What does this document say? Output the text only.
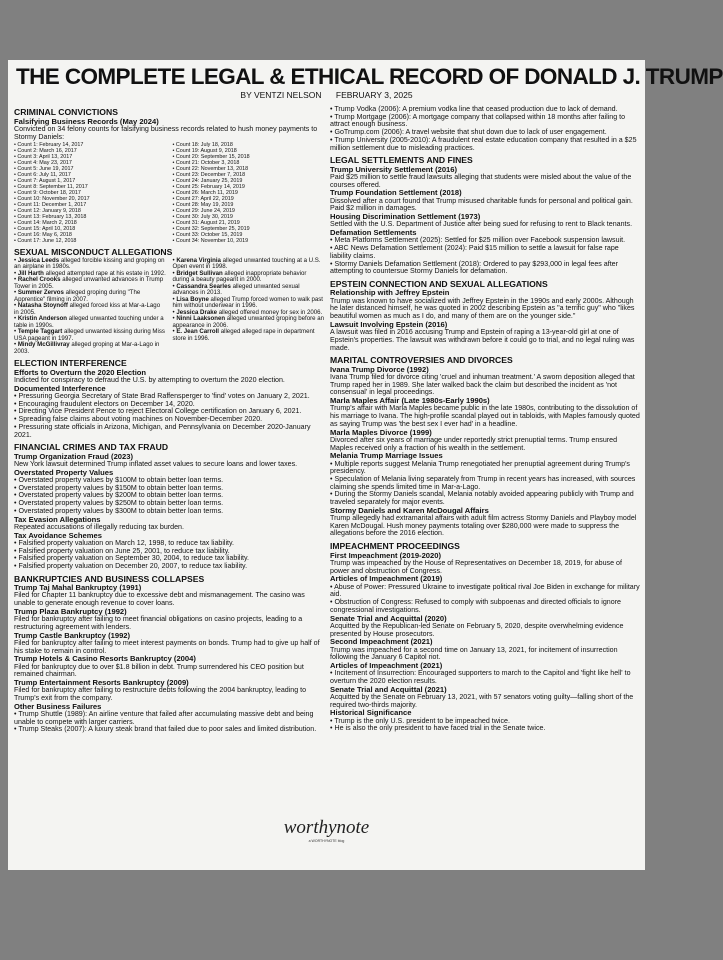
THE COMPLETE LEGAL & ETHICAL RECORD OF DONALD J. TRUMP
BY VENTZI NELSON FEBRUARY 3, 2025
CRIMINAL CONVICTIONS
Falsifying Business Records (May 2024)
Convicted on 34 felony counts for falsifying business records related to hush money payments to Stormy Daniels:
• Count 1: February 14, 2017
• Count 2: March 16, 2017
• Count 3: April 13, 2017
• Count 4: May 23, 2017
• Count 5: June 19, 2017
• Count 6: July 11, 2017
• Count 7: August 1, 2017
• Count 8: September 11, 2017
• Count 9: October 18, 2017
• Count 10: November 20, 2017
• Count 11: December 1, 2017
• Count 12: January 9, 2018
• Count 13: February 13, 2018
• Count 14: March 2, 2018
• Count 15: April 10, 2018
• Count 16: May 6, 2018
• Count 17: June 12, 2018
• Count 18: July 18, 2018
• Count 19: August 9, 2018
• Count 20: September 15, 2018
• Count 21: October 3, 2018
• Count 22: November 13, 2018
• Count 23: December 7, 2018
• Count 24: January 25, 2019
• Count 25: February 14, 2019
• Count 26: March 11, 2019
• Count 27: April 22, 2019
• Count 28: May 19, 2019
• Count 29: June 24, 2019
• Count 30: July 30, 2019
• Count 31: August 21, 2019
• Count 32: September 25, 2019
• Count 33: October 15, 2019
• Count 34: November 10, 2019
SEXUAL MISCONDUCT ALLEGATIONS
• Jessica Leeds alleged forcible kissing and groping on an airplane in 1980s.
• Jill Harth alleged attempted rape at his estate in 1992.
• Rachel Crooks alleged unwanted advances in Trump Tower in 2005.
• Summer Zervos alleged groping during "The Apprentice" filming in 2007.
• Natasha Stoynoff alleged forced kiss at Mar-a-Lago in 2005.
• Kristin Anderson alleged unwanted touching under a table in 1990s.
• Temple Taggart alleged unwanted kissing during Miss USA pageant in 1997.
• Mindy McGillivray alleged groping at Mar-a-Lago in 2003.
• Karena Virginia alleged unwanted touching at a U.S. Open event in 1998.
• Bridget Sullivan alleged inappropriate behavior during a beauty pageant in 2000.
• Cassandra Searles alleged unwanted sexual advances in 2013.
• Lisa Boyne alleged Trump forced women to walk past him without underwear in 1996.
• Jessica Drake alleged offered money for sex in 2006.
• Ninni Laaksonen alleged unwanted groping before an appearance in 2006.
• E. Jean Carroll alleged alleged rape in department store in 1996.
ELECTION INTERFERENCE
Efforts to Overturn the 2020 Election
Indicted for conspiracy to defraud the U.S. by attempting to overturn the 2020 election.
Documented Interference
• Pressuring Georgia Secretary of State Brad Raffensperger to 'find' votes on January 2, 2021.
• Encouraging fraudulent electors on December 14, 2020.
• Directing Vice President Pence to reject Electoral College certification on January 6, 2021.
• Spreading false claims about voting machines on November-December 2020.
• Pressuring state officials in Arizona, Michigan, and Pennsylvania on December 2020-January 2021.
FINANCIAL CRIMES AND TAX FRAUD
Trump Organization Fraud (2023)
New York lawsuit determined Trump inflated asset values to secure loans and lower taxes.
Overstated Property Values
• Overstated property values by $100M to obtain better loan terms.
• Overstated property values by $150M to obtain better loan terms.
• Overstated property values by $200M to obtain better loan terms.
• Overstated property values by $250M to obtain better loan terms.
• Overstated property values by $300M to obtain better loan terms.
Tax Evasion Allegations
Repeated accusations of illegally reducing tax burden.
Tax Avoidance Schemes
• Falsified property valuation on March 12, 1998, to reduce tax liability.
• Falsified property valuation on June 25, 2001, to reduce tax liability.
• Falsified property valuation on September 30, 2004, to reduce tax liability.
• Falsified property valuation on December 20, 2007, to reduce tax liability.
BANKRUPTCIES AND BUSINESS COLLAPSES
Trump Taj Mahal Bankruptcy (1991)
Filed for Chapter 11 bankruptcy due to excessive debt and mismanagement. The casino was unable to generate enough revenue to cover loans.
Trump Plaza Bankruptcy (1992)
Filed for bankruptcy after failing to meet financial obligations on casino projects, leading to a restructuring agreement with lenders.
Trump Castle Bankruptcy (1992)
Filed for bankruptcy after failing to meet interest payments on bonds. Trump had to give up half of his stake to remain in control.
Trump Hotels & Casino Resorts Bankruptcy (2004)
Filed for bankruptcy due to over $1.8 billion in debt. Trump surrendered his CEO position but remained chairman.
Trump Entertainment Resorts Bankruptcy (2009)
Filed for bankruptcy after failing to restructure debts following the 2004 bankruptcy, leading to Trump's exit from the company.
Other Business Failures
• Trump Shuttle (1989): An airline venture that failed after accumulating massive debt and being unable to compete with larger carriers.
• Trump Steaks (2007): A luxury steak brand that failed due to poor sales and limited distribution.
• Trump Vodka (2006): A premium vodka line that ceased production due to lack of demand.
• Trump Mortgage (2006): A mortgage company that collapsed within 18 months after failing to attract enough business.
• GoTrump.com (2006): A travel website that shut down due to lack of user engagement.
• Trump University (2005-2010): A fraudulent real estate education company that resulted in a $25 million settlement due to misleading practices.
LEGAL SETTLEMENTS AND FINES
Trump University Settlement (2016)
Paid $25 million to settle fraud lawsuits alleging that students were misled about the value of the courses offered.
Trump Foundation Settlement (2018)
Dissolved after a court found that Trump misused charitable funds for personal and political gain. Paid $2 million in damages.
Housing Discrimination Settlement (1973)
Settled with the U.S. Department of Justice after being sued for refusing to rent to Black tenants.
Defamation Settlements
• Meta Platforms Settlement (2025): Settled for $25 million over Facebook suspension lawsuit.
• ABC News Defamation Settlement (2024): Paid $15 million to settle a lawsuit for false rape liability claims.
• Stormy Daniels Defamation Settlement (2018): Ordered to pay $293,000 in legal fees after attempting to countersue Stormy Daniels for defamation.
EPSTEIN CONNECTION AND SEXUAL ALLEGATIONS
Relationship with Jeffrey Epstein
Trump was known to have socialized with Jeffrey Epstein in the 1990s and early 2000s. Although he later distanced himself, he was quoted in 2002 describing Epstein as "a terrific guy" who "likes beautiful women as much as I do, and many of them are on the younger side."
Lawsuit Involving Epstein (2016)
A lawsuit was filed in 2016 accusing Trump and Epstein of raping a 13-year-old girl at one of Epstein's properties. The lawsuit was withdrawn before it could go to trial, and no legal ruling was made.
MARITAL CONTROVERSIES AND DIVORCES
Ivana Trump Divorce (1992)
Ivana Trump filed for divorce citing 'cruel and inhuman treatment.' A sworn deposition alleged that Trump raped her in 1989. She later walked back the claim but described the incident as 'not consensual' in legal proceedings.
Marla Maples Affair (Late 1980s-Early 1990s)
Trump's affair with Marla Maples became public in the late 1980s, contributing to the dissolution of his marriage to Ivana. The high-profile scandal played out in tabloids, with Maples famously quoted as saying Trump was 'the best sex I ever had' in a headline.
Marla Maples Divorce (1999)
Divorced after six years of marriage under reportedly strict prenuptial terms. Trump ensured Maples received only a fraction of his wealth in the settlement.
Melania Trump Marriage Issues
• Multiple reports suggest Melania Trump renegotiated her prenuptial agreement during Trump's presidency.
• Speculation of Melania living separately from Trump in recent years has increased, with sources claiming she spends limited time in Mar-a-Lago.
• During the Stormy Daniels scandal, Melania notably avoided appearing publicly with Trump and traveled separately for major events.
Stormy Daniels and Karen McDougal Affairs
Trump allegedly had extramarital affairs with adult film actress Stormy Daniels and Playboy model Karen McDougal. Hush money payments totaling over $280,000 were made to suppress the allegations before the 2016 election.
IMPEACHMENT PROCEEDINGS
First Impeachment (2019-2020)
Trump was impeached by the House of Representatives on December 18, 2019, for abuse of power and obstruction of Congress.
Articles of Impeachment (2019)
• Abuse of Power: Pressured Ukraine to investigate political rival Joe Biden in exchange for military aid.
• Obstruction of Congress: Refused to comply with subpoenas and directed officials to ignore congressional investigations.
Senate Trial and Acquittal (2020)
Acquitted by the Republican-led Senate on February 5, 2020, despite overwhelming evidence presented by House prosecutors.
Second Impeachment (2021)
Trump was impeached for a second time on January 13, 2021, for incitement of insurrection following the January 6 Capitol riot.
Articles of Impeachment (2021)
• Incitement of Insurrection: Encouraged supporters to march to the Capitol and 'fight like hell' to overturn the 2020 election results.
Senate Trial and Acquittal (2021)
Acquitted by the Senate on February 13, 2021, with 57 senators voting guilty—falling short of the required two-thirds majority.
Historical Significance
• Trump is the only U.S. president to be impeached twice.
• He is also the only president to have faced trial in the Senate twice.
worthynote
a WORTHYNOTE blog
